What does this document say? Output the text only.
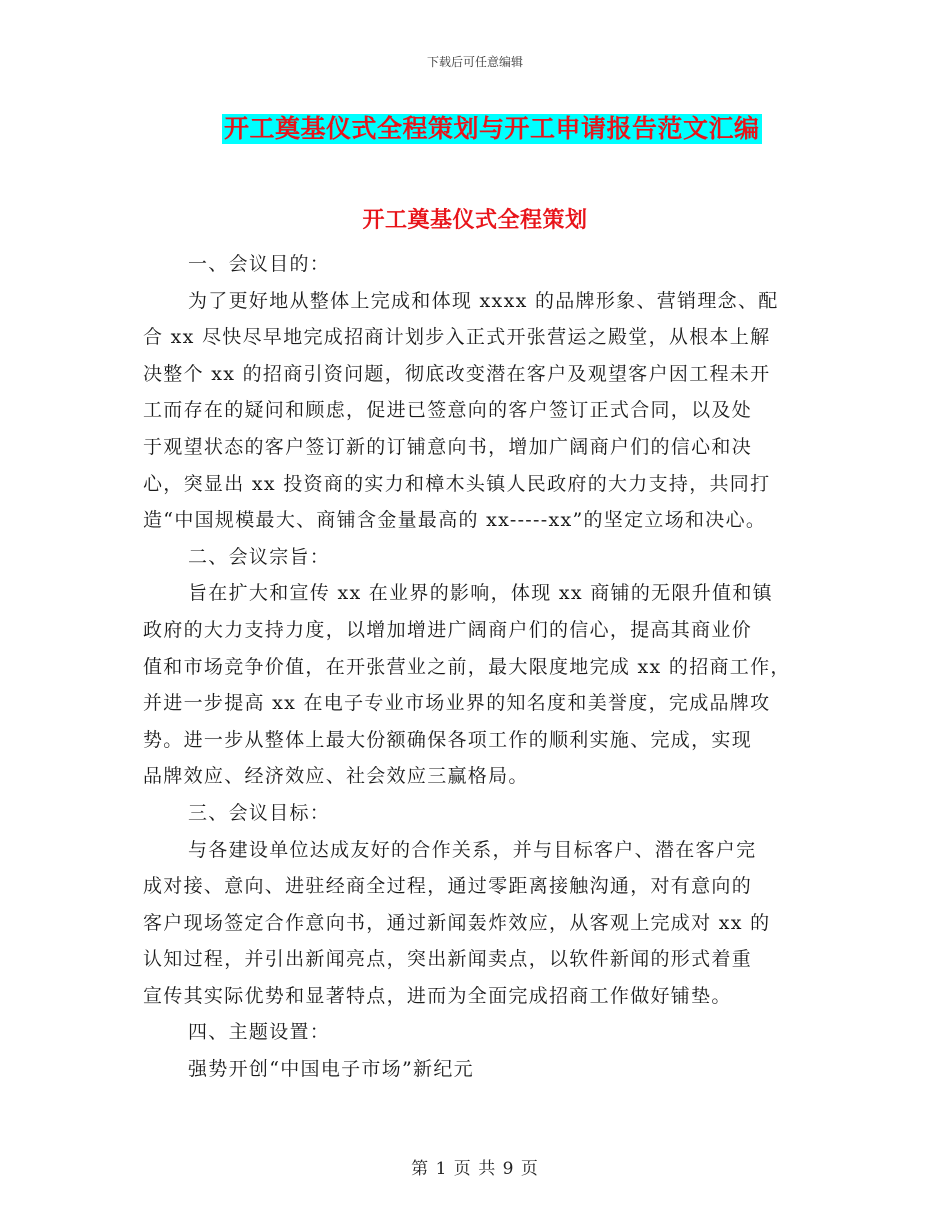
下载后可任意编辑
开工奠基仪式全程策划与开工申请报告范文汇编
开工奠基仪式全程策划
一、会议目的：
为了更好地从整体上完成和体现 xxxx 的品牌形象、营销理念、配
合 xx 尽快尽早地完成招商计划步入正式开张营运之殿堂，从根本上解
决整个 xx 的招商引资问题，彻底改变潜在客户及观望客户因工程未开
工而存在的疑问和顾虑，促进已签意向的客户签订正式合同，以及处
于观望状态的客户签订新的订铺意向书，增加广阔商户们的信心和决
心，突显出 xx 投资商的实力和樟木头镇人民政府的大力支持，共同打
造“中国规模最大、商铺含金量最高的 xx-----xx”的坚定立场和决心。
二、会议宗旨：
旨在扩大和宣传 xx 在业界的影响，体现 xx 商铺的无限升值和镇
政府的大力支持力度，以增加增进广阔商户们的信心，提高其商业价
值和市场竞争价值，在开张营业之前，最大限度地完成 xx 的招商工作，
并进一步提高 xx 在电子专业市场业界的知名度和美誉度，完成品牌攻
势。进一步从整体上最大份额确保各项工作的顺利实施、完成，实现
品牌效应、经济效应、社会效应三赢格局。
三、会议目标：
与各建设单位达成友好的合作关系，并与目标客户、潜在客户完
成对接、意向、进驻经商全过程，通过零距离接触沟通，对有意向的
客户现场签定合作意向书，通过新闻轰炸效应，从客观上完成对 xx 的
认知过程，并引出新闻亮点，突出新闻卖点，以软件新闻的形式着重
宣传其实际优势和显著特点，进而为全面完成招商工作做好铺垫。
四、主题设置：
强势开创“中国电子市场”新纪元
第 1 页 共 9 页
